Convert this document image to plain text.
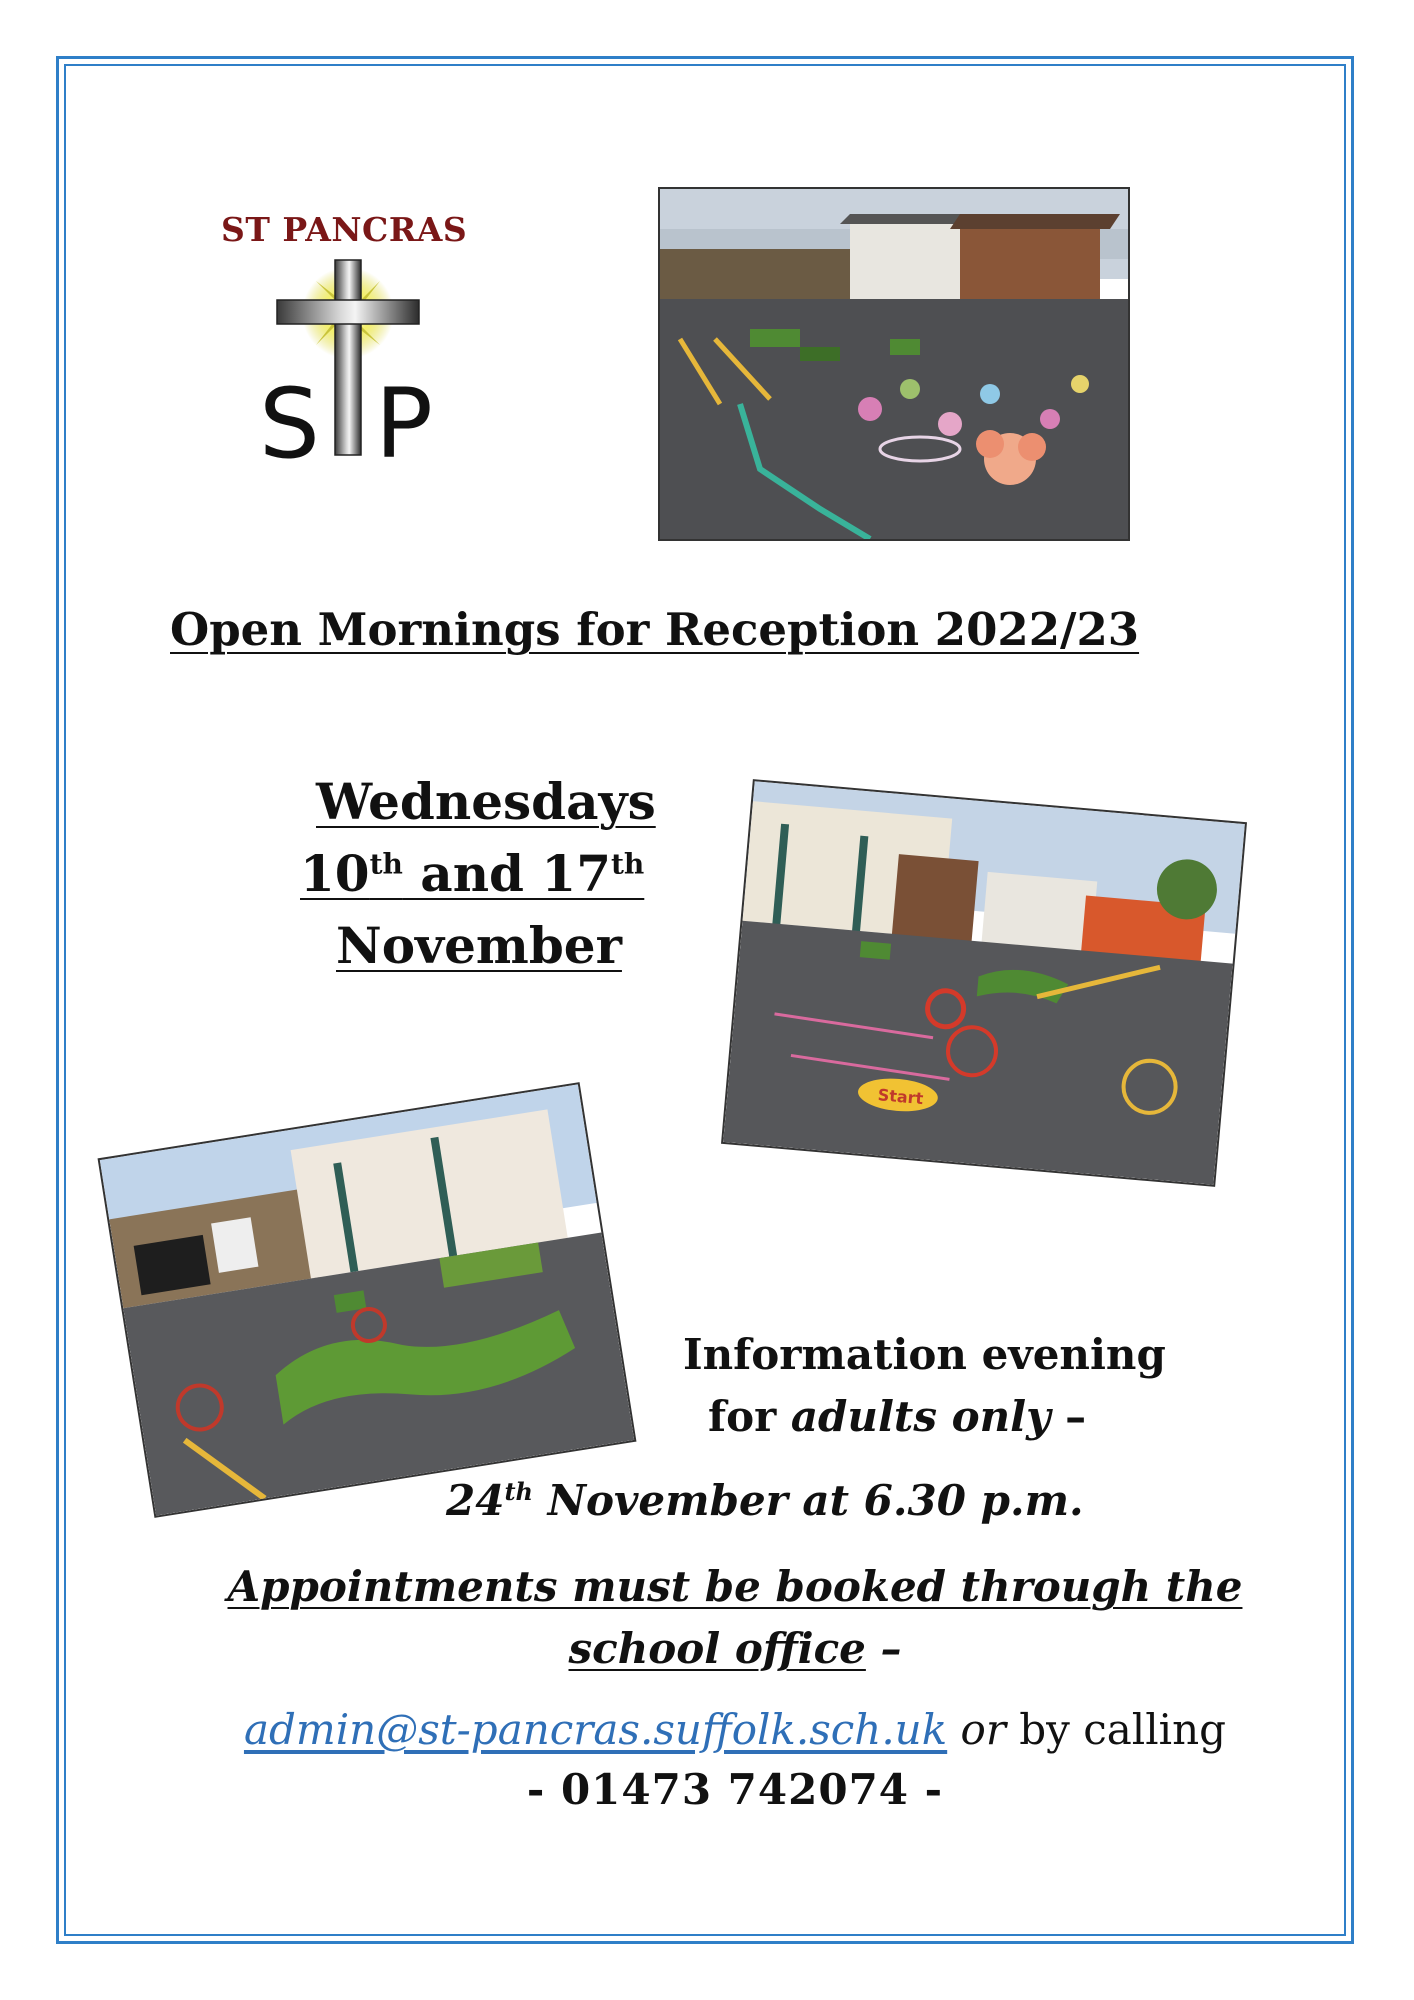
ST PANCRAS
S P
Open Mornings for Reception 2022/23
Wednesdays
10th and 17th
November
Start
Information evening
for adults only –
24th November at 6.30 p.m.
Appointments must be booked through the
school office –
admin@st-pancras.suffolk.sch.uk or by calling
- 01473 742074 -
